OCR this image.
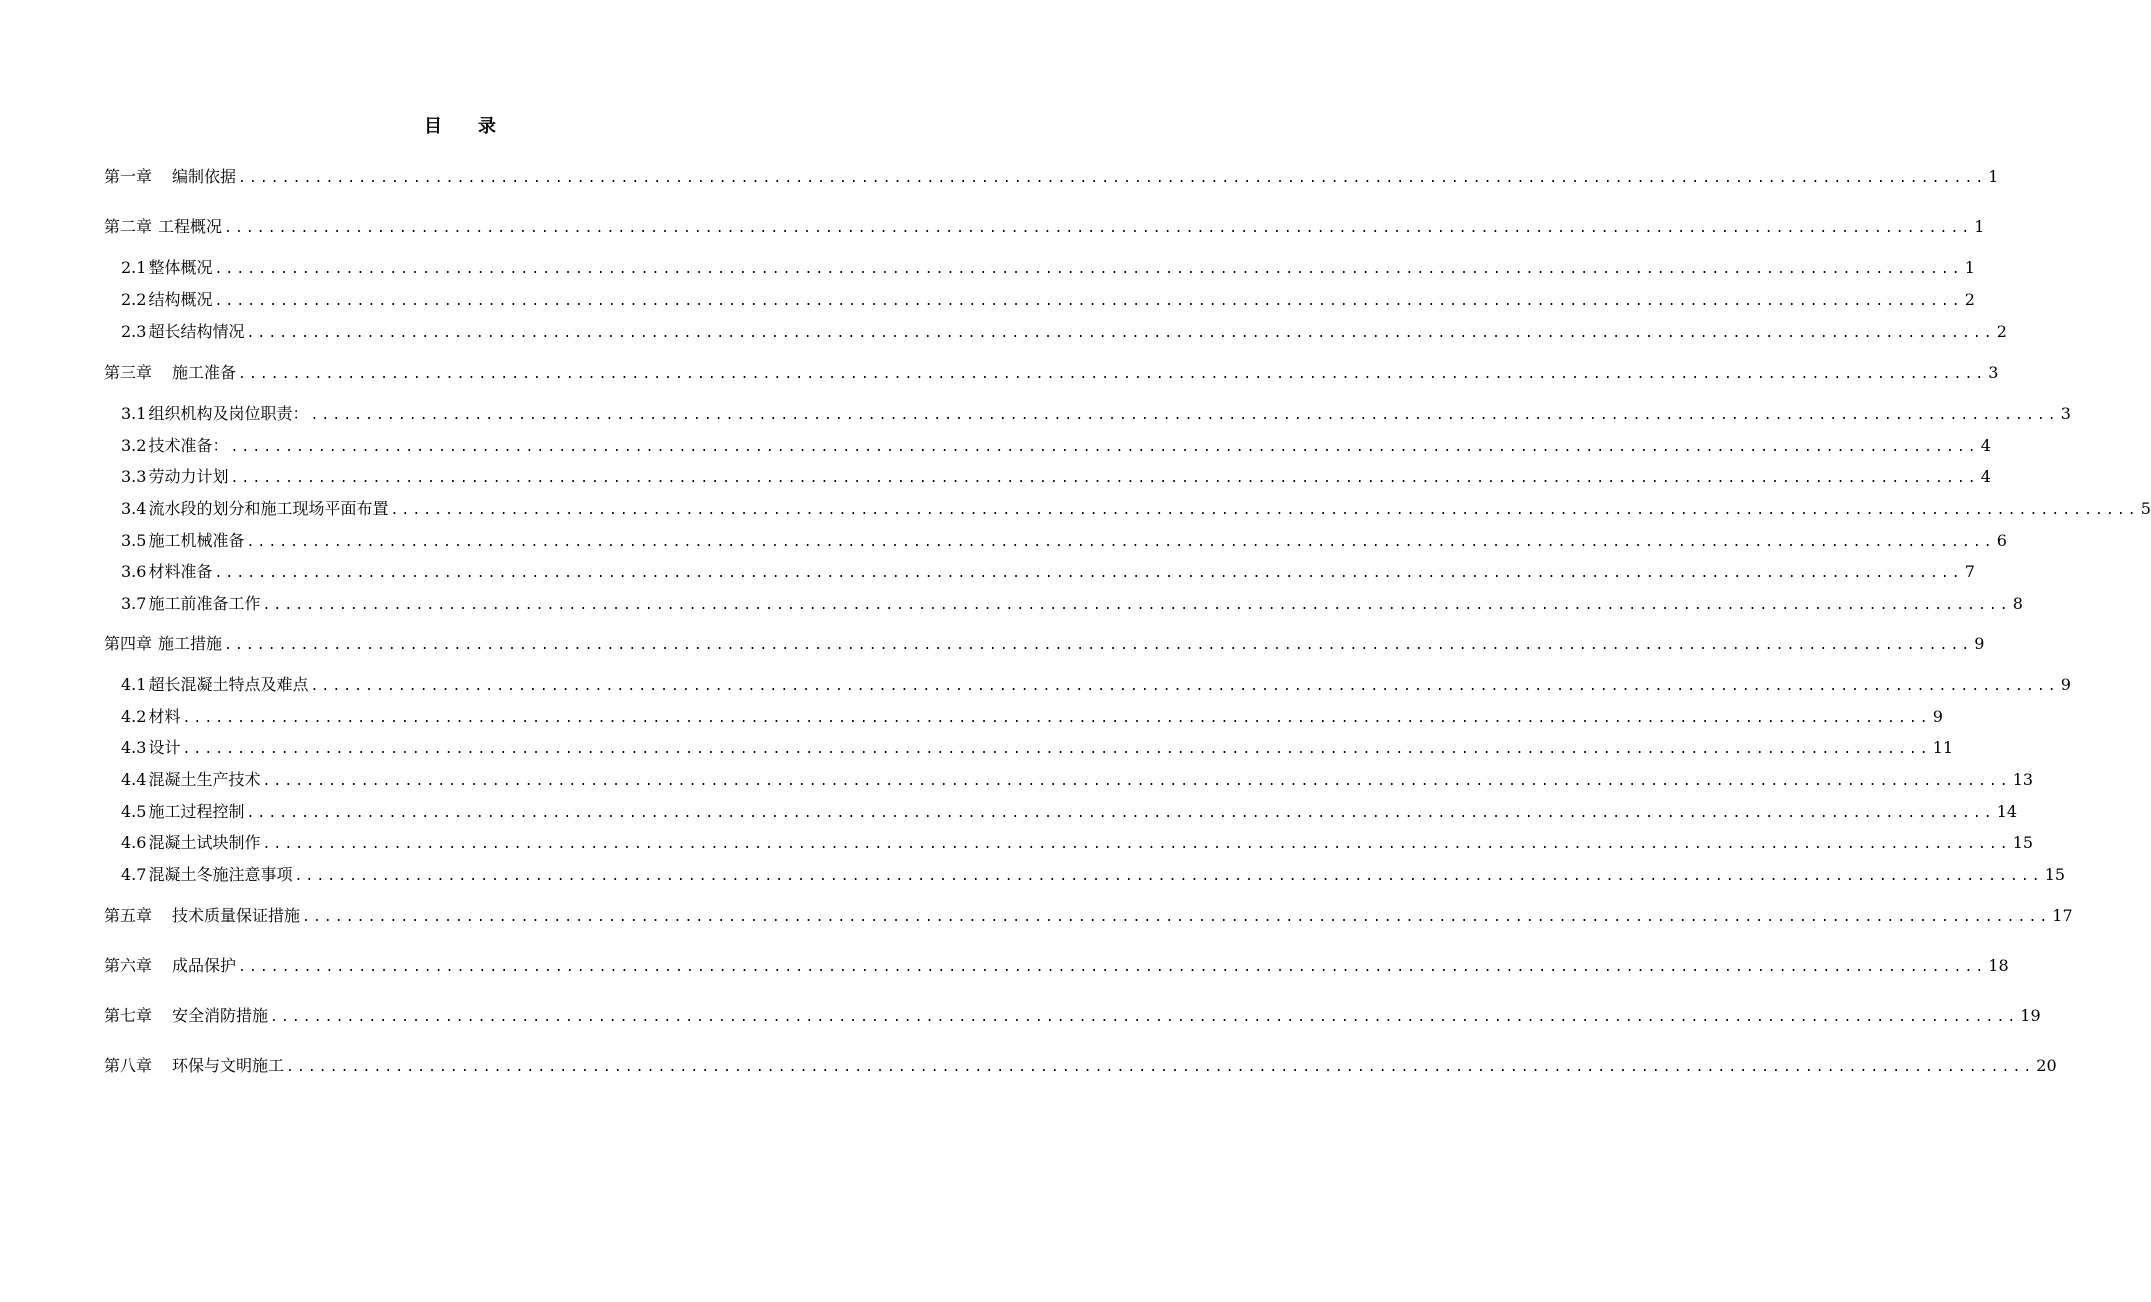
目 录
第一章 编制依据 ................................................................................................................................................................ 1
第二章 工程概况 ................................................................................................................................................................ 1
2.1 整体概况 ................................................................................................................................................................ 1
2.2 结构概况 ................................................................................................................................................................ 2
2.3 超长结构情况 ................................................................................................................................................................ 2
第三章 施工准备 ................................................................................................................................................................ 3
3.1 组织机构及岗位职责： ................................................................................................................................................................ 3
3.2 技术准备： ................................................................................................................................................................ 4
3.3 劳动力计划 ................................................................................................................................................................ 4
3.4 流水段的划分和施工现场平面布置 ................................................................................................................................................................ 5
3.5 施工机械准备 ................................................................................................................................................................ 6
3.6 材料准备 ................................................................................................................................................................ 7
3.7 施工前准备工作 ................................................................................................................................................................ 8
第四章 施工措施 ................................................................................................................................................................ 9
4.1 超长混凝土特点及难点 ................................................................................................................................................................ 9
4.2 材料 ................................................................................................................................................................ 9
4.3 设计 ................................................................................................................................................................ 11
4.4 混凝土生产技术 ................................................................................................................................................................ 13
4.5 施工过程控制 ................................................................................................................................................................ 14
4.6 混凝土试块制作 ................................................................................................................................................................ 15
4.7 混凝土冬施注意事项 ................................................................................................................................................................ 15
第五章 技术质量保证措施 ................................................................................................................................................................ 17
第六章 成品保护 ................................................................................................................................................................ 18
第七章 安全消防措施 ................................................................................................................................................................ 19
第八章 环保与文明施工 ................................................................................................................................................................ 20
